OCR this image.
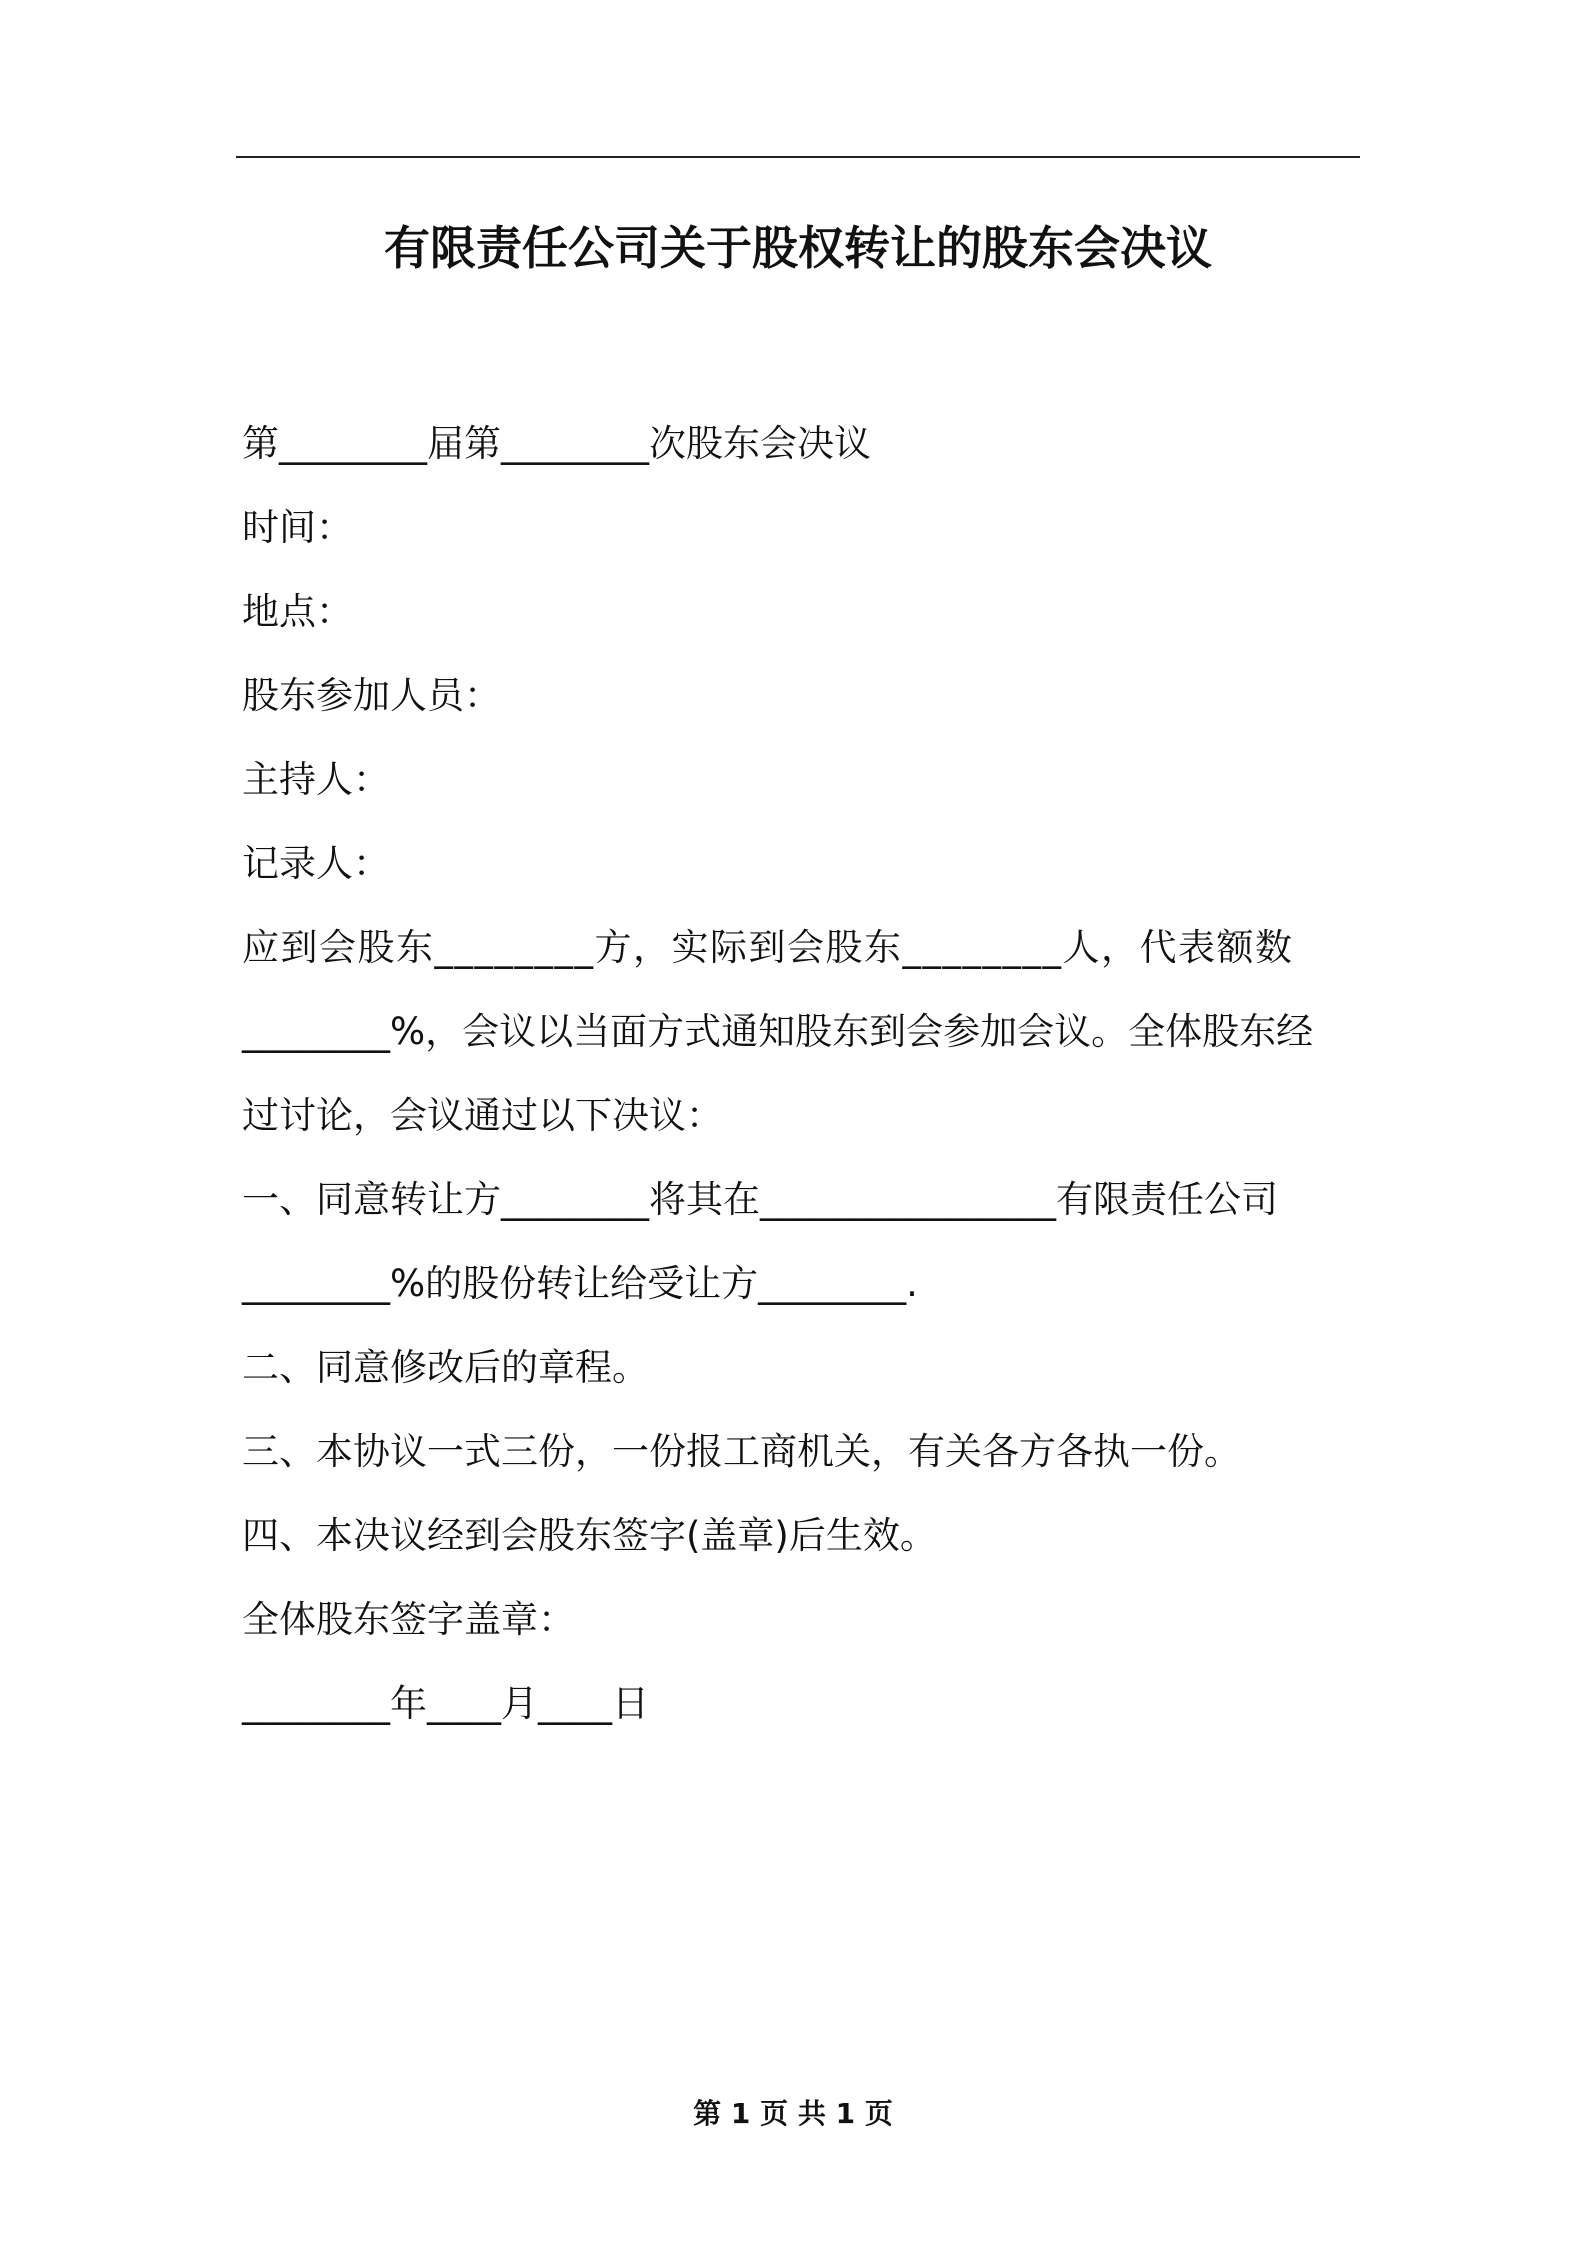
有限责任公司关于股权转让的股东会决议
第________届第________次股东会决议
时间：
地点：
股东参加人员：
主持人：
记录人：
应到会股东________方，实际到会股东________人，代表额数
________%，会议以当面方式通知股东到会参加会议。全体股东经
过讨论，会议通过以下决议：
一、同意转让方________将其在________________有限责任公司
________%的股份转让给受让方________.
二、同意修改后的章程。
三、本协议一式三份，一份报工商机关，有关各方各执一份。
四、本决议经到会股东签字(盖章)后生效。
全体股东签字盖章：
________年____月____日
第 1 页 共 1 页
